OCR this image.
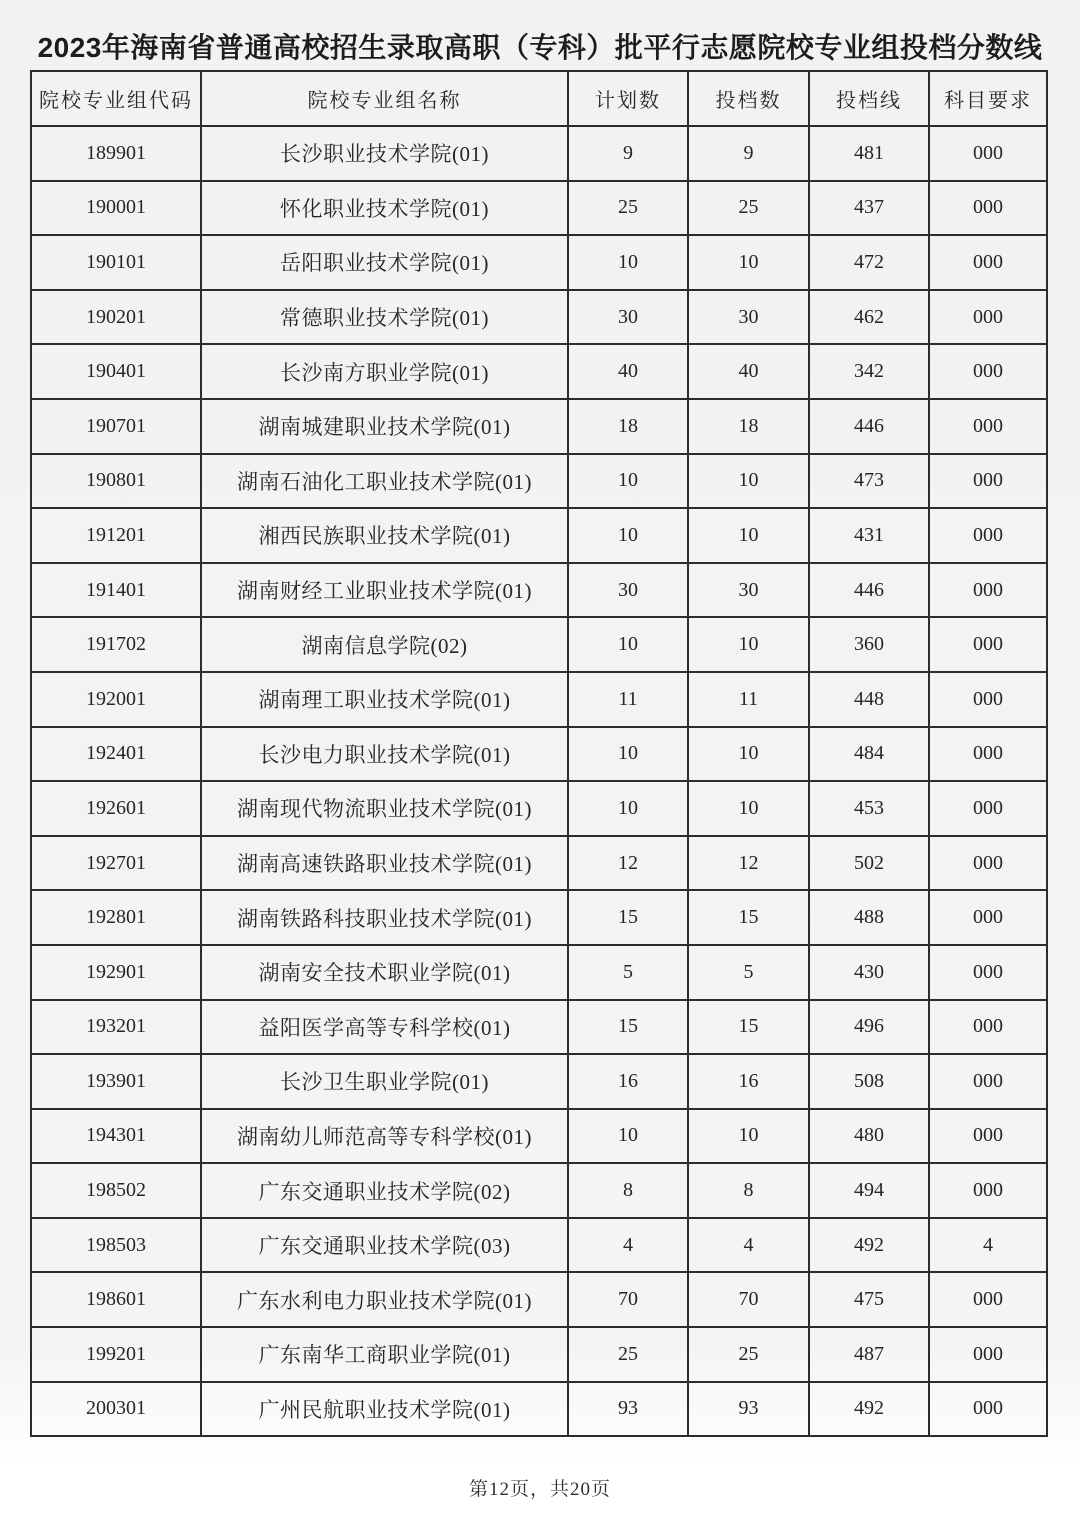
2023年海南省普通高校招生录取高职（专科）批平行志愿院校专业组投档分数线
院校专业组代码	院校专业组名称	计划数	投档数	投档线	科目要求
189901	长沙职业技术学院(01)	9	9	481	000
190001	怀化职业技术学院(01)	25	25	437	000
190101	岳阳职业技术学院(01)	10	10	472	000
190201	常德职业技术学院(01)	30	30	462	000
190401	长沙南方职业学院(01)	40	40	342	000
190701	湖南城建职业技术学院(01)	18	18	446	000
190801	湖南石油化工职业技术学院(01)	10	10	473	000
191201	湘西民族职业技术学院(01)	10	10	431	000
191401	湖南财经工业职业技术学院(01)	30	30	446	000
191702	湖南信息学院(02)	10	10	360	000
192001	湖南理工职业技术学院(01)	11	11	448	000
192401	长沙电力职业技术学院(01)	10	10	484	000
192601	湖南现代物流职业技术学院(01)	10	10	453	000
192701	湖南高速铁路职业技术学院(01)	12	12	502	000
192801	湖南铁路科技职业技术学院(01)	15	15	488	000
192901	湖南安全技术职业学院(01)	5	5	430	000
193201	益阳医学高等专科学校(01)	15	15	496	000
193901	长沙卫生职业学院(01)	16	16	508	000
194301	湖南幼儿师范高等专科学校(01)	10	10	480	000
198502	广东交通职业技术学院(02)	8	8	494	000
198503	广东交通职业技术学院(03)	4	4	492	4
198601	广东水利电力职业技术学院(01)	70	70	475	000
199201	广东南华工商职业学院(01)	25	25	487	000
200301	广州民航职业技术学院(01)	93	93	492	000
第12页，共20页
